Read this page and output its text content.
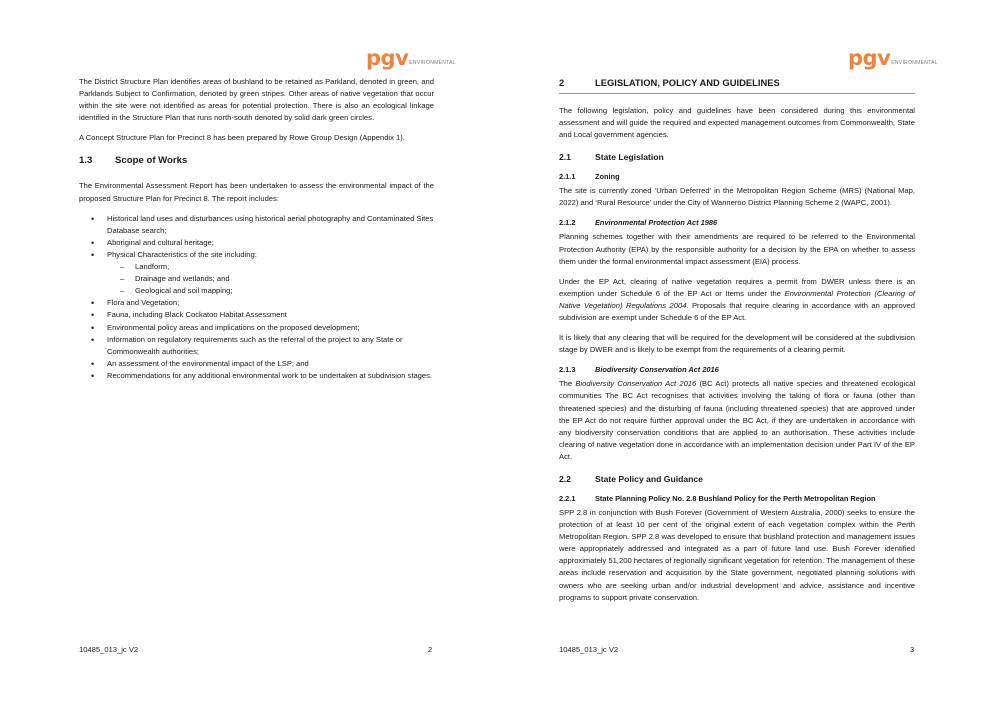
pgv ENVIRONMENTAL

The District Structure Plan identifies areas of bushland to be retained as Parkland, denoted in green, and Parklands Subject to Confirmation, denoted by green stripes. Other areas of native vegetation that occur within the site were not identified as areas for potential protection. There is also an ecological linkage identified in the Structure Plan that runs north-south denoted by solid dark green circles.

A Concept Structure Plan for Precinct 8 has been prepared by Rowe Group Design (Appendix 1).

1.3	Scope of Works

The Environmental Assessment Report has been undertaken to assess the environmental impact of the proposed Structure Plan for Precinct 8. The report includes:

• Historical land uses and disturbances using historical aerial photography and Contaminated Sites Database search;
• Aboriginal and cultural heritage;
• Physical Characteristics of the site including:
– Landform;
– Drainage and wetlands; and
– Geological and soil mapping;
• Flora and Vegetation;
• Fauna, including Black Cockatoo Habitat Assessment
• Environmental policy areas and implications on the proposed development;
• Information on regulatory requirements such as the referral of the project to any State or Commonwealth authorities;
• An assessment of the environmental impact of the LSP; and
• Recommendations for any additional environmental work to be undertaken at subdivision stages.
10485_013_jc V2	2
pgv ENVIRONMENTAL
2	LEGISLATION, POLICY AND GUIDELINES

The following legislation, policy and guidelines have been considered during this environmental assessment and will guide the required and expected management outcomes from Commonwealth, State and Local government agencies.

2.1	State Legislation
2.1.1	Zoning

The site is currently zoned ‘Urban Deferred’ in the Metropolitan Region Scheme (MRS) (National Map, 2022) and ‘Rural Resource’ under the City of Wanneroo District Planning Scheme 2 (WAPC, 2001).

2.1.2	Environmental Protection Act 1986

Planning schemes together with their amendments are required to be referred to the Environmental Protection Authority (EPA) by the responsible authority for a decision by the EPA on whether to assess them under the formal environmental impact assessment (EIA) process.

Under the EP Act, clearing of native vegetation requires a permit from DWER unless there is an exemption under Schedule 6 of the EP Act or Items under the Environmental Protection (Clearing of Native Vegetation) Regulations 2004. Proposals that require clearing in accordance with an approved subdivision are exempt under Schedule 6 of the EP Act.

It is likely that any clearing that will be required for the development will be considered at the subdivision stage by DWER and is likely to be exempt from the requirements of a clearing permit.

2.1.3	Biodiversity Conservation Act 2016

The Biodiversity Conservation Act 2016 (BC Act) protects all native species and threatened ecological communities The BC Act recognises that activities involving the taking of flora or fauna (other than threatened species) and the disturbing of fauna (including threatened species) that are approved under the EP Act do not require further approval under the BC Act, if they are undertaken in accordance with any biodiversity conservation conditions that are applied to an authorisation. These activities include clearing of native vegetation done in accordance with an implementation decision under Part IV of the EP Act.

2.2	State Policy and Guidance
2.2.1	State Planning Policy No. 2.8 Bushland Policy for the Perth Metropolitan Region

SPP 2.8 in conjunction with Bush Forever (Government of Western Australia, 2000) seeks to ensure the protection of at least 10 per cent of the original extent of each vegetation complex within the Perth Metropolitan Region. SPP 2.8 was developed to ensure that bushland protection and management issues were appropriately addressed and integrated as a part of future land use. Bush Forever identified approximately 51,200 hectares of regionally significant vegetation for retention. The management of these areas include reservation and acquisition by the State government, negotiated planning solutions with owners who are seeking urban and/or industrial development and advice, assistance and incentive programs to support private conservation.

10485_013_jc V2	3
